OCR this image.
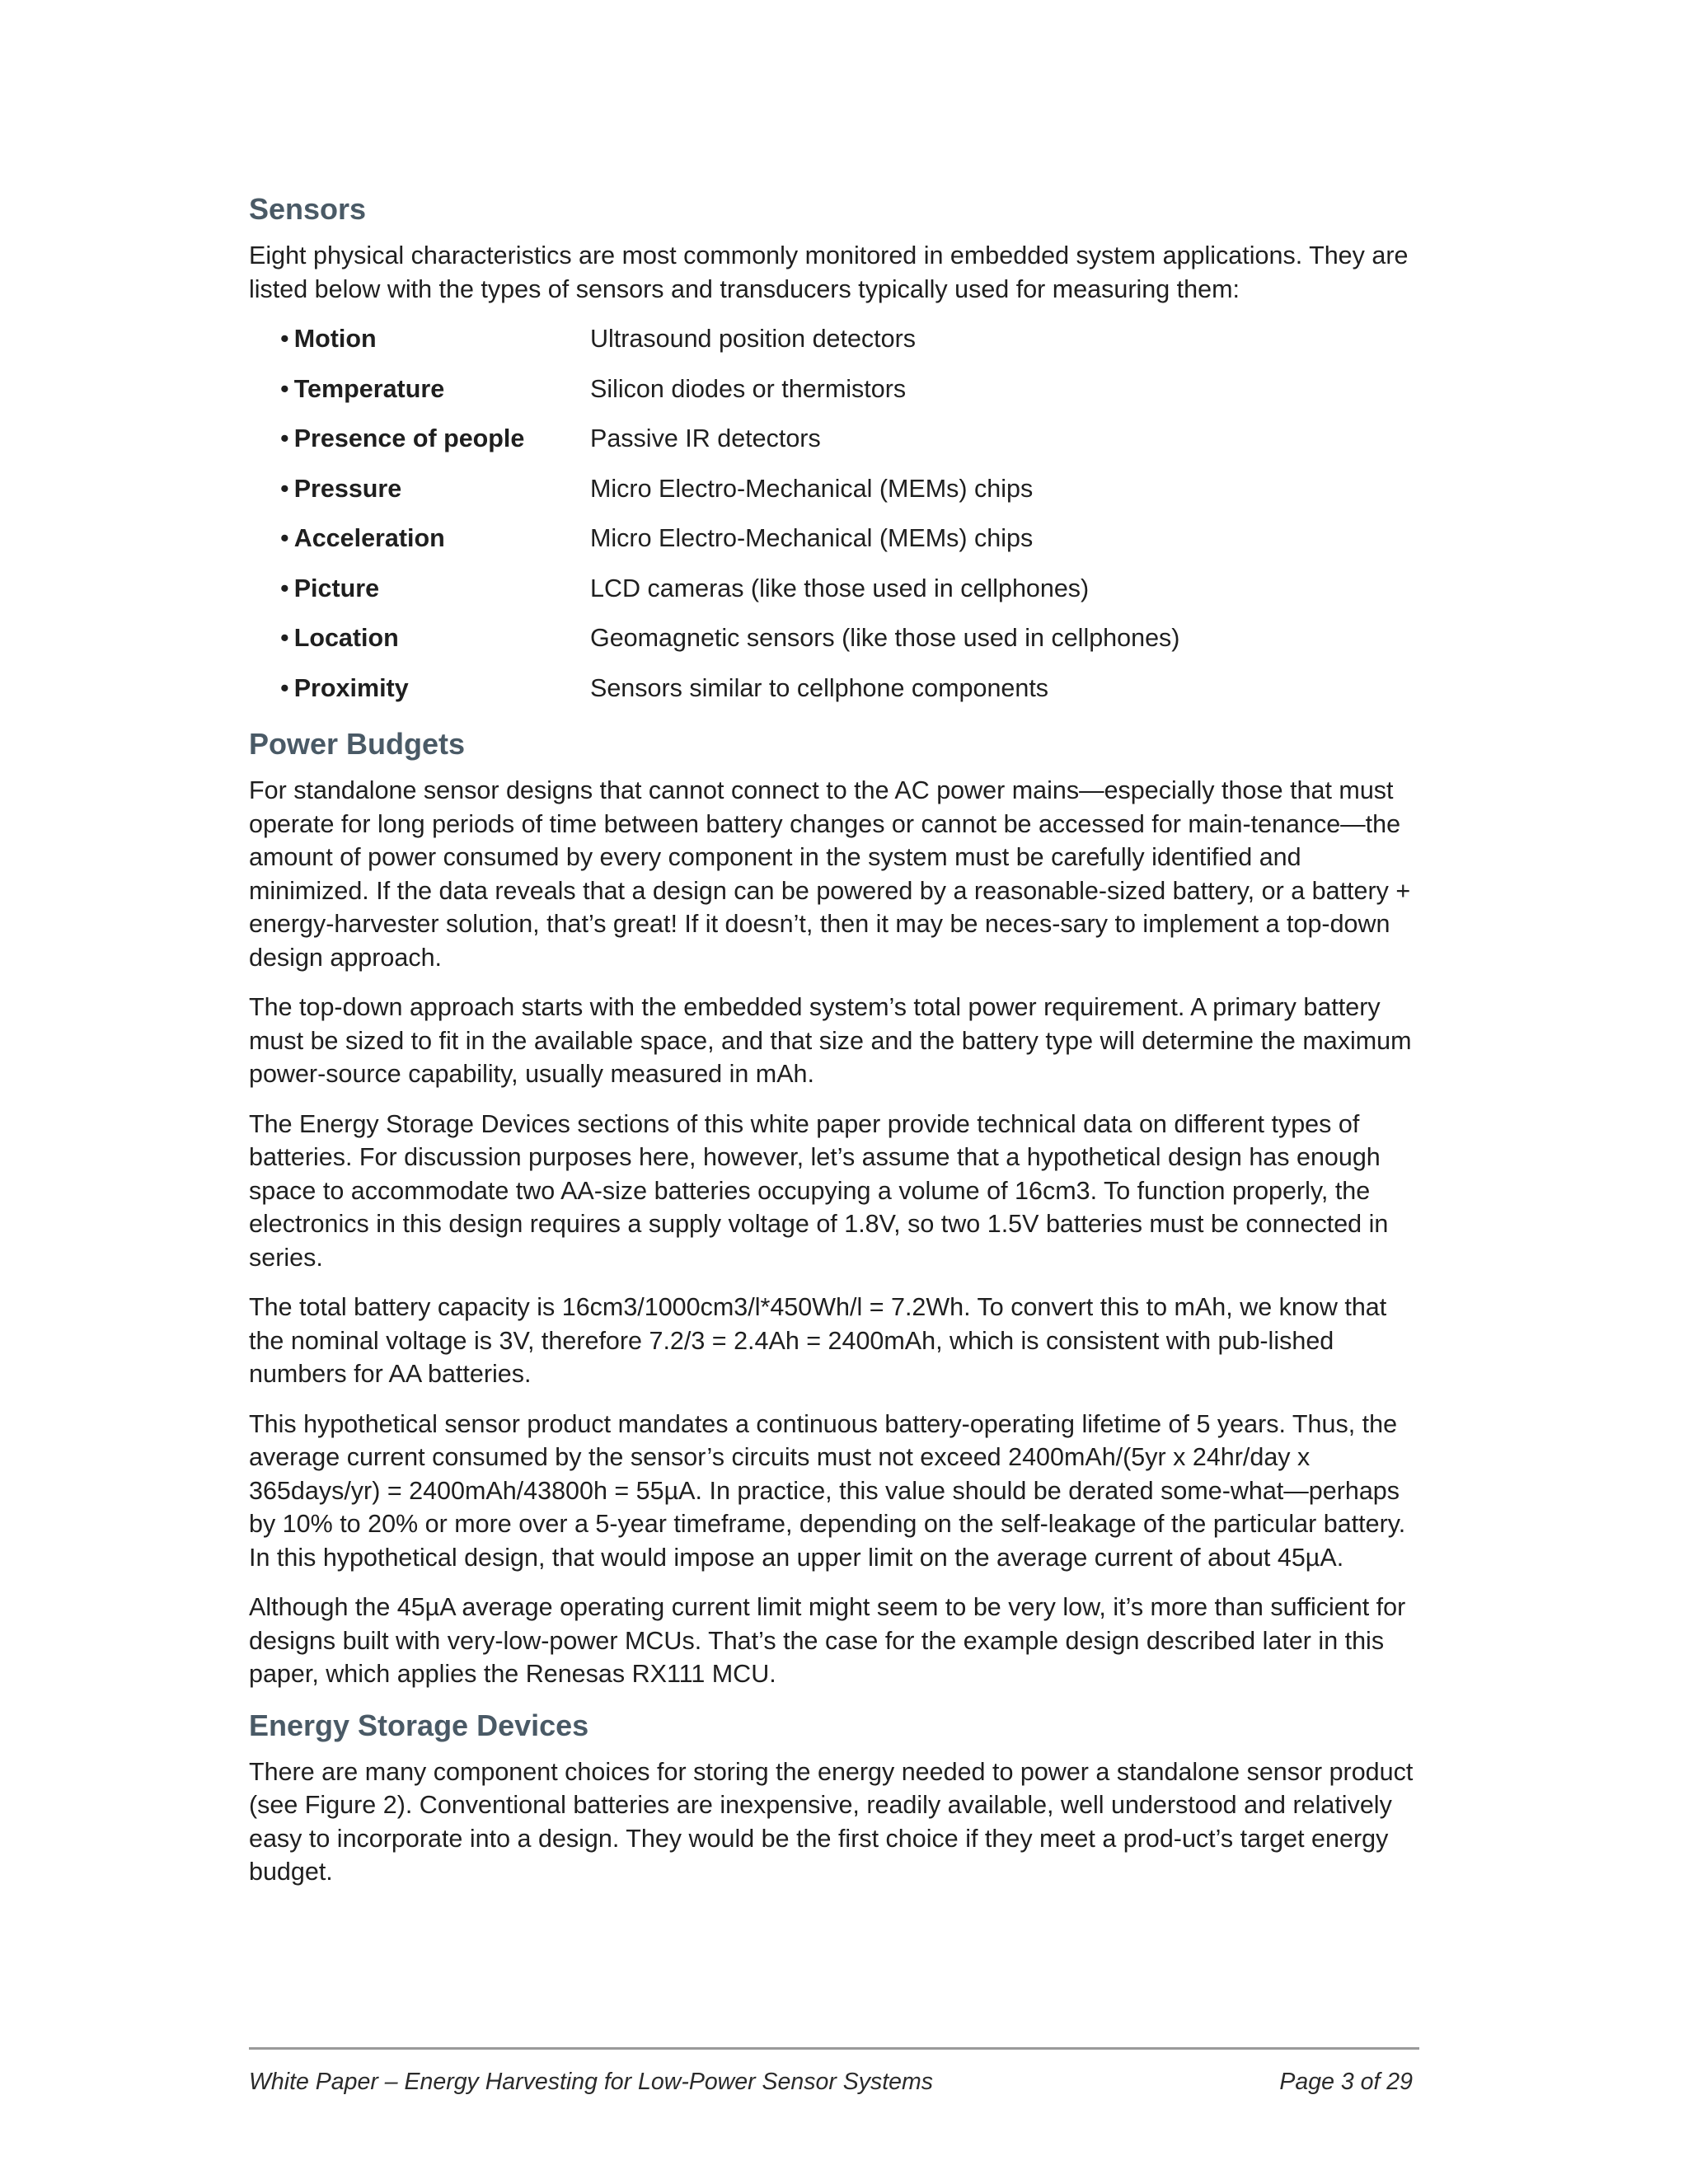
Sensors

Eight physical characteristics are most commonly monitored in embedded system applications. They are listed below with the types of sensors and transducers typically used for measuring them:

• Motion	Ultrasound position detectors
• Temperature	Silicon diodes or thermistors
• Presence of people	Passive IR detectors
• Pressure	Micro Electro-Mechanical (MEMs) chips
• Acceleration	Micro Electro-Mechanical (MEMs) chips
• Picture	LCD cameras (like those used in cellphones)
• Location	Geomagnetic sensors (like those used in cellphones)
• Proximity	Sensors similar to cellphone components
Power Budgets

For standalone sensor designs that cannot connect to the AC power mains—especially those that must operate for long periods of time between battery changes or cannot be accessed for main-tenance—the amount of power consumed by every component in the system must be carefully identified and minimized. If the data reveals that a design can be powered by a reasonable-sized battery, or a battery + energy-harvester solution, that’s great! If it doesn’t, then it may be neces-sary to implement a top-down design approach.

The top-down approach starts with the embedded system’s total power requirement. A primary battery must be sized to fit in the available space, and that size and the battery type will determine the maximum power-source capability, usually measured in mAh.

The Energy Storage Devices sections of this white paper provide technical data on different types of batteries. For discussion purposes here, however, let’s assume that a hypothetical design has enough space to accommodate two AA-size batteries occupying a volume of 16cm3. To function properly, the electronics in this design requires a supply voltage of 1.8V, so two 1.5V batteries must be connected in series.

The total battery capacity is 16cm3/1000cm3/l*450Wh/l = 7.2Wh. To convert this to mAh, we know that the nominal voltage is 3V, therefore 7.2/3 = 2.4Ah = 2400mAh, which is consistent with pub-lished numbers for AA batteries.

This hypothetical sensor product mandates a continuous battery-operating lifetime of 5 years. Thus, the average current consumed by the sensor’s circuits must not exceed 2400mAh/(5yr x 24hr/day x 365days/yr) = 2400mAh/43800h = 55µA. In practice, this value should be derated some-what—perhaps by 10% to 20% or more over a 5-year timeframe, depending on the self-leakage of the particular battery. In this hypothetical design, that would impose an upper limit on the average current of about 45µA.

Although the 45µA average operating current limit might seem to be very low, it’s more than sufficient for designs built with very-low-power MCUs. That’s the case for the example design described later in this paper, which applies the Renesas RX111 MCU.

Energy Storage Devices

There are many component choices for storing the energy needed to power a standalone sensor product (see Figure 2). Conventional batteries are inexpensive, readily available, well understood and relatively easy to incorporate into a design. They would be the first choice if they meet a prod-uct’s target energy budget.

White Paper – Energy Harvesting for Low-Power Sensor Systems	Page 3 of 29
